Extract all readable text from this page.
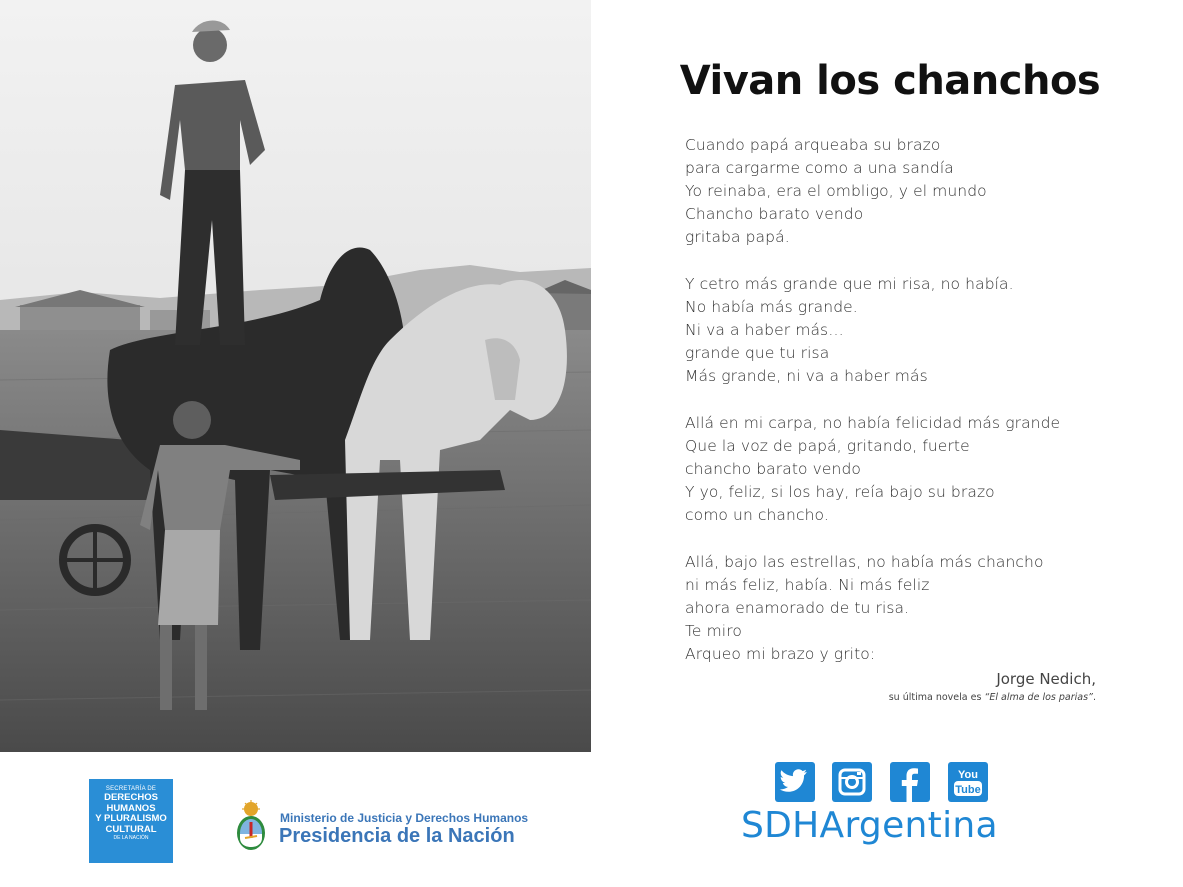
Vivan los chanchos
Cuando papá arqueaba su brazo
para cargarme como a una sandía
Yo reinaba, era el ombligo, y el mundo
Chancho barato vendo
gritaba papá.
Y cetro más grande que mi risa, no había.
No había más grande.
Ni va a haber más…
grande que tu risa
Más grande, ni va a haber más
Allá en mi carpa, no había felicidad más grande
Que la voz de papá, gritando, fuerte
chancho barato vendo
Y yo, feliz, si los hay, reía bajo su brazo
como un chancho.
Allá, bajo las estrellas, no había más chancho
ni más feliz, había. Ni más feliz
ahora enamorado de tu risa.
Te miro
Arqueo mi brazo y grito:

Jorge Nedich,

su última novela es “El alma de los parias”.

SECRETARÍA DE
DERECHOS
HUMANOS
Y PLURALISMO
CULTURAL
DE LA NACIÓN

Ministerio de Justicia y Derechos Humanos

Presidencia de la Nación

You
Tube

SDHArgentina
